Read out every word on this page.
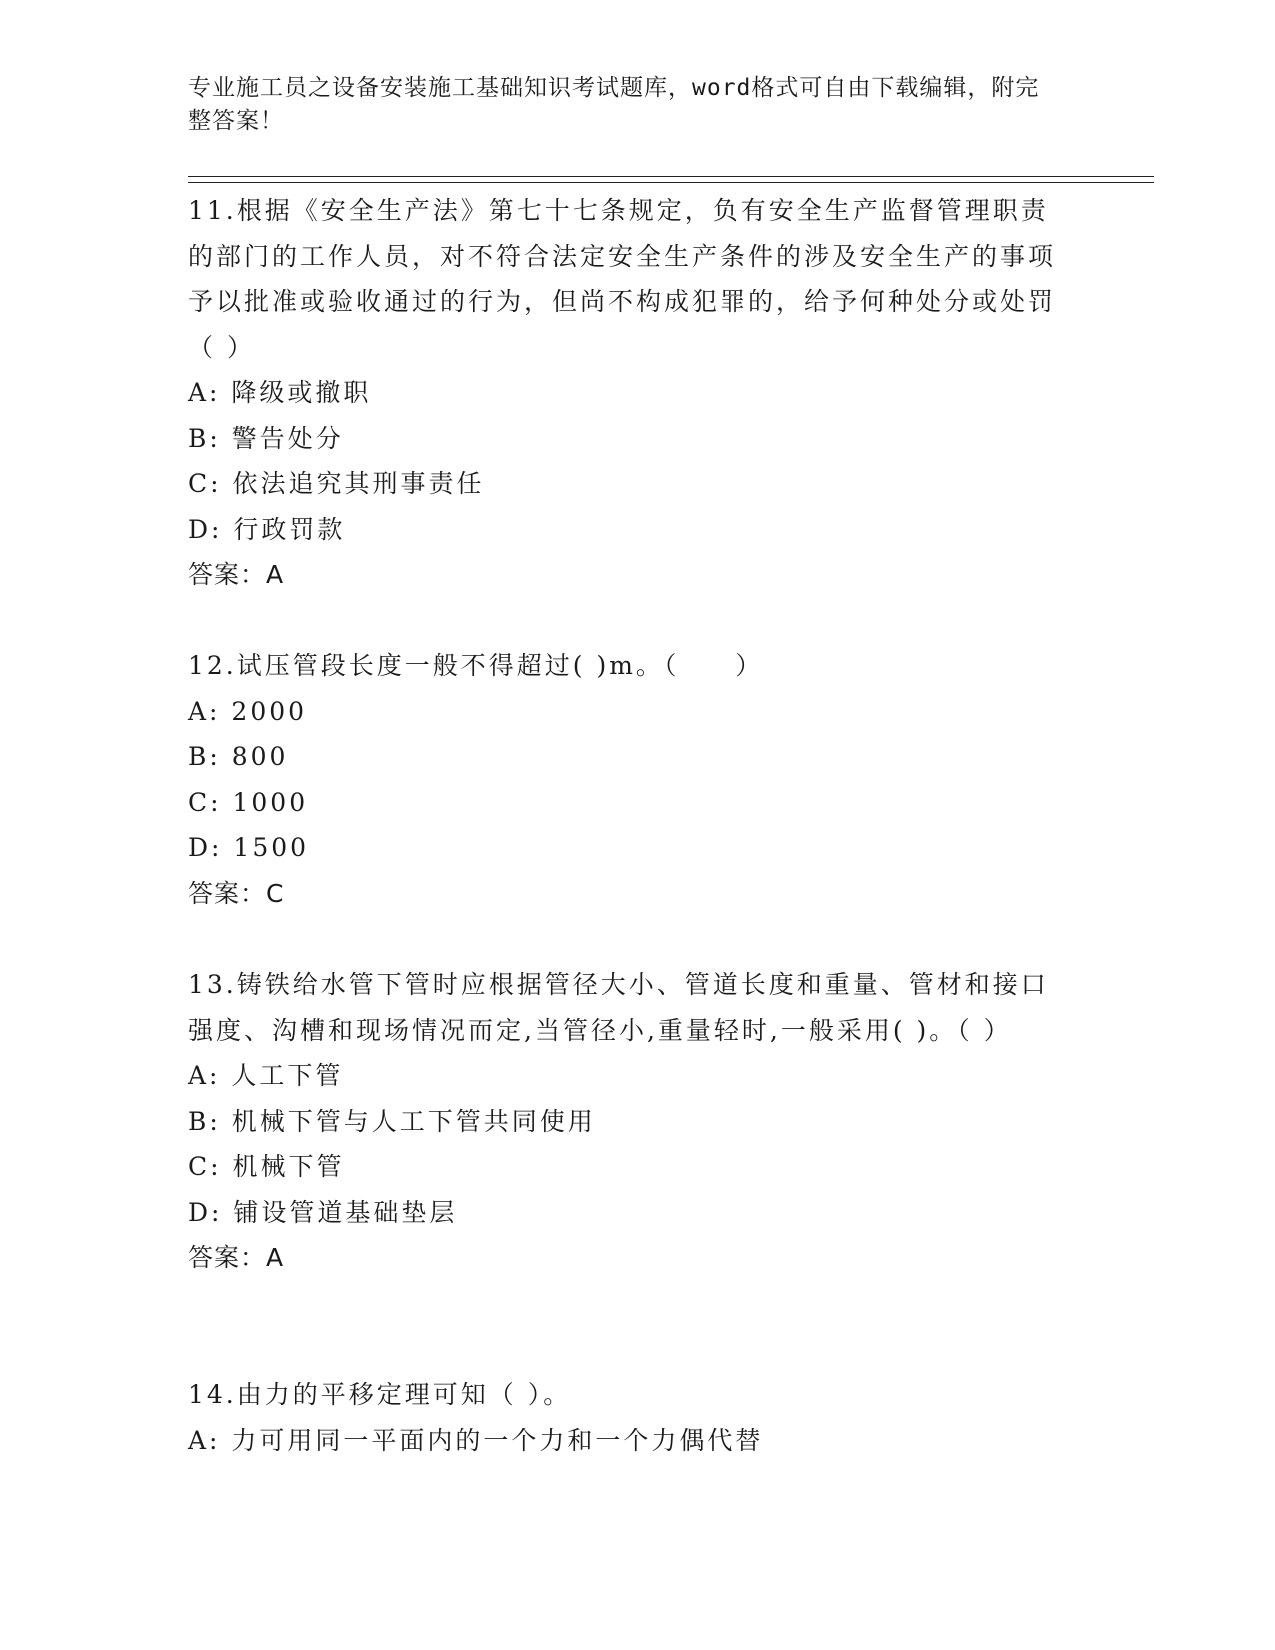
专业施工员之设备安装施工基础知识考试题库，word格式可自由下载编辑，附完
整答案！
11.根据《安全生产法》第七十七条规定，负有安全生产监督管理职责的部门的工作人员，对不符合法定安全生产条件的涉及安全生产的事项予以批准或验收通过的行为，但尚不构成犯罪的，给予何种处分或处罚（ ）
A: 降级或撤职
B: 警告处分
C: 依法追究其刑事责任
D: 行政罚款
答案：A
12.试压管段长度一般不得超过( )m。（　　）
A: 2000
B: 800
C: 1000
D: 1500
答案：C
13.铸铁给水管下管时应根据管径大小、管道长度和重量、管材和接口强度、沟槽和现场情况而定,当管径小,重量轻时,一般采用( )。（ ）
A: 人工下管
B: 机械下管与人工下管共同使用
C: 机械下管
D: 铺设管道基础垫层
答案：A
14.由力的平移定理可知（ ）。
A: 力可用同一平面内的一个力和一个力偶代替
